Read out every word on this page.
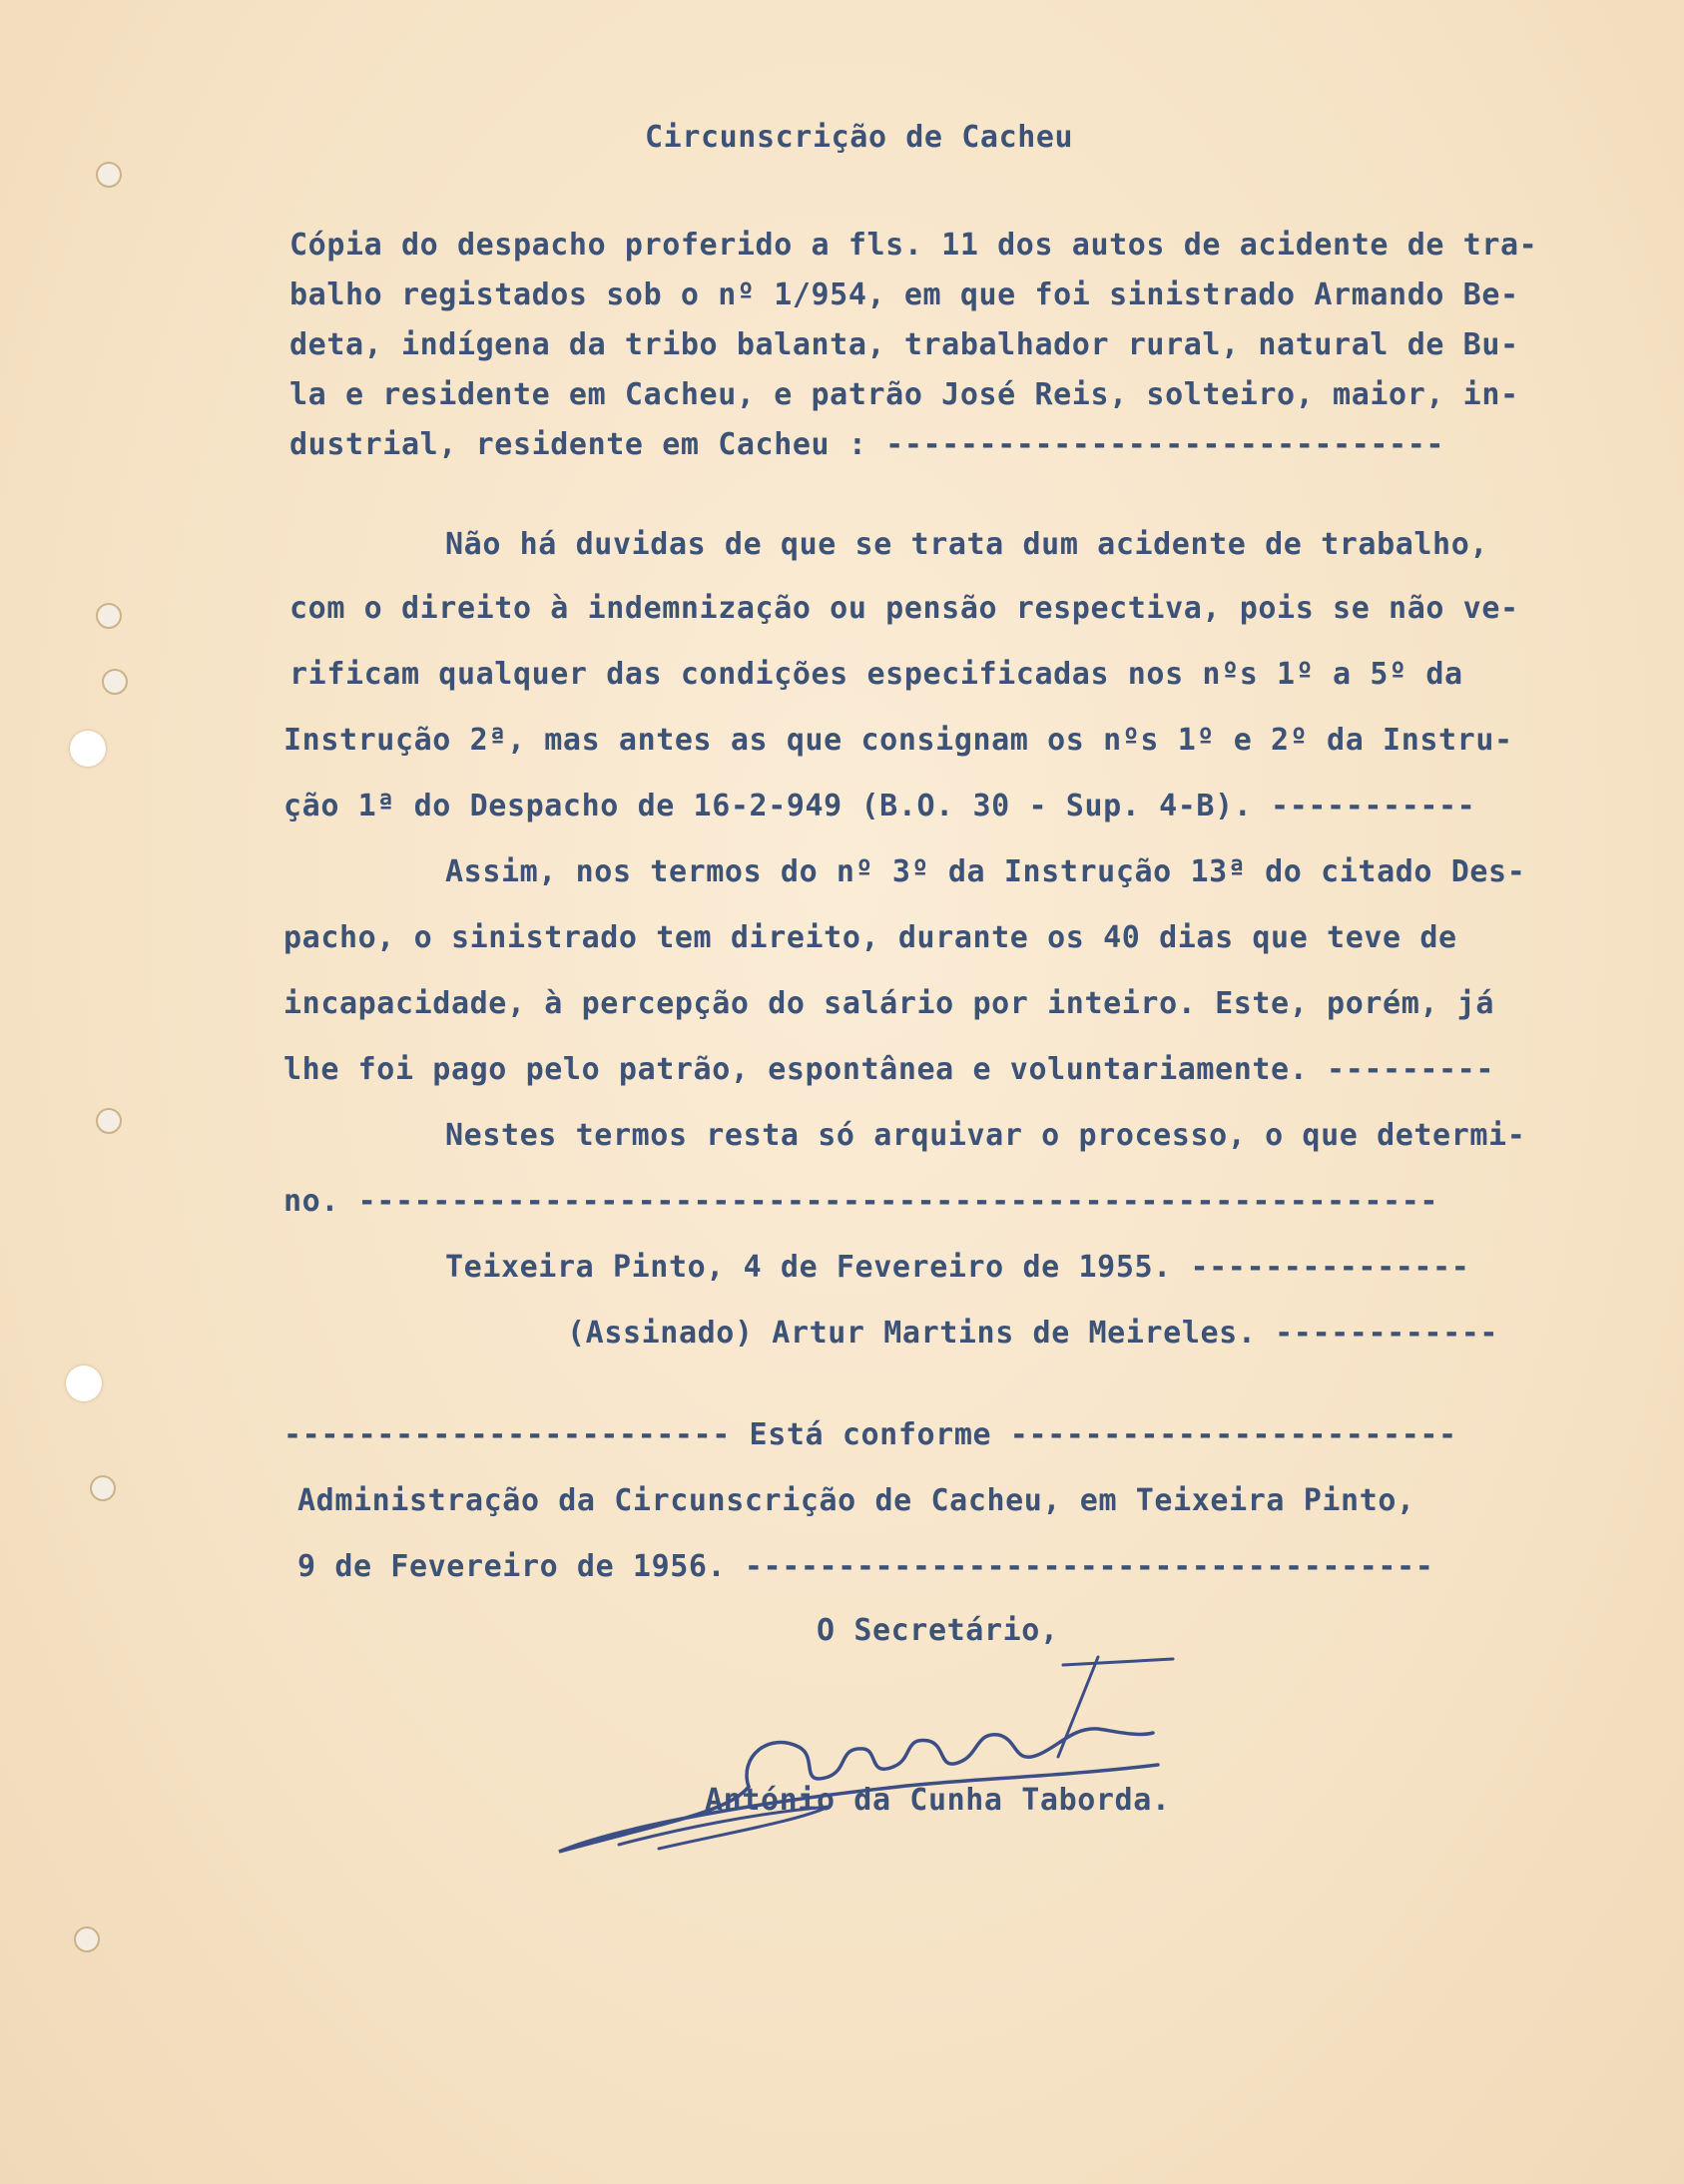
Circunscrição de Cacheu
Cópia do despacho proferido a fls. 11 dos autos de acidente de tra-
balho registados sob o nº 1/954, em que foi sinistrado Armando Be-
deta, indígena da tribo balanta, trabalhador rural, natural de Bu-
la e residente em Cacheu, e patrão José Reis, solteiro, maior, in-
dustrial, residente em Cacheu : ------------------------------
Não há duvidas de que se trata dum acidente de trabalho,
com o direito à indemnização ou pensão respectiva, pois se não ve-
rificam qualquer das condições especificadas nos nºs 1º a 5º da
Instrução 2ª, mas antes as que consignam os nºs 1º e 2º da Instru-
ção 1ª do Despacho de 16-2-949 (B.O. 30 - Sup. 4-B). -----------
Assim, nos termos do nº 3º da Instrução 13ª do citado Des-
pacho, o sinistrado tem direito, durante os 40 dias que teve de
incapacidade, à percepção do salário por inteiro. Este, porém, já
lhe foi pago pelo patrão, espontânea e voluntariamente. ---------
Nestes termos resta só arquivar o processo, o que determi-
no. ----------------------------------------------------------
Teixeira Pinto, 4 de Fevereiro de 1955. ---------------
(Assinado) Artur Martins de Meireles. ------------
------------------------ Está conforme ------------------------
Administração da Circunscrição de Cacheu, em Teixeira Pinto,
9 de Fevereiro de 1956. -------------------------------------
O Secretário,
António da Cunha Taborda.
